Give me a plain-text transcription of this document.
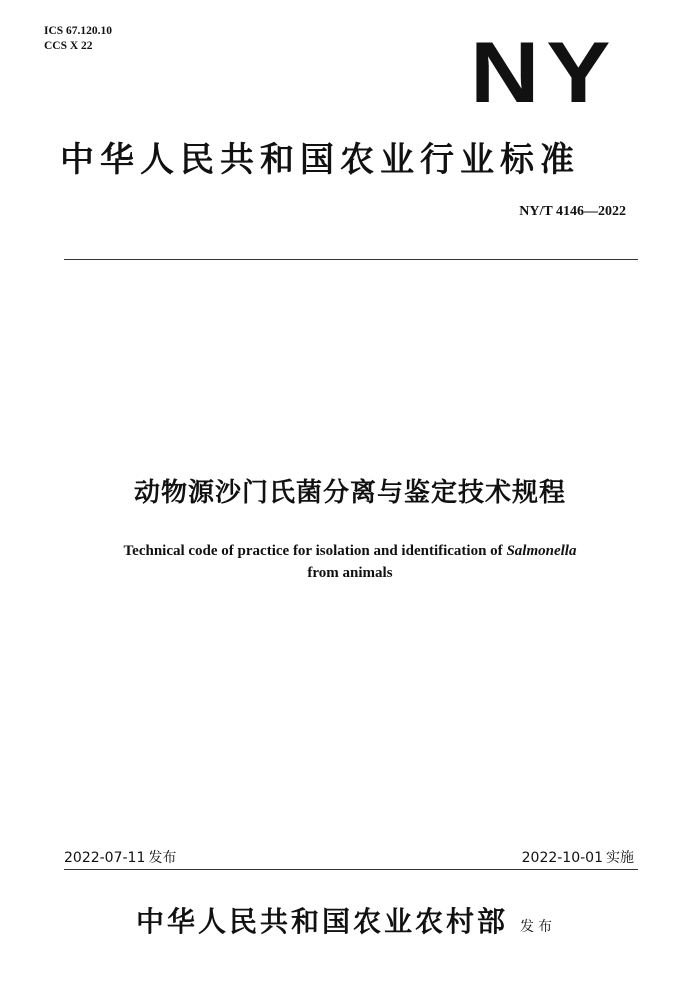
ICS 67.120.10
CCS X 22	NY
中华人民共和国农业行业标准
NY/T 4146—2022
动物源沙门氏菌分离与鉴定技术规程
Technical code of practice for isolation and identification of Salmonella
from animals
2022-07-11 发布	2022-10-01 实施
中华人民共和国农业农村部 发布
